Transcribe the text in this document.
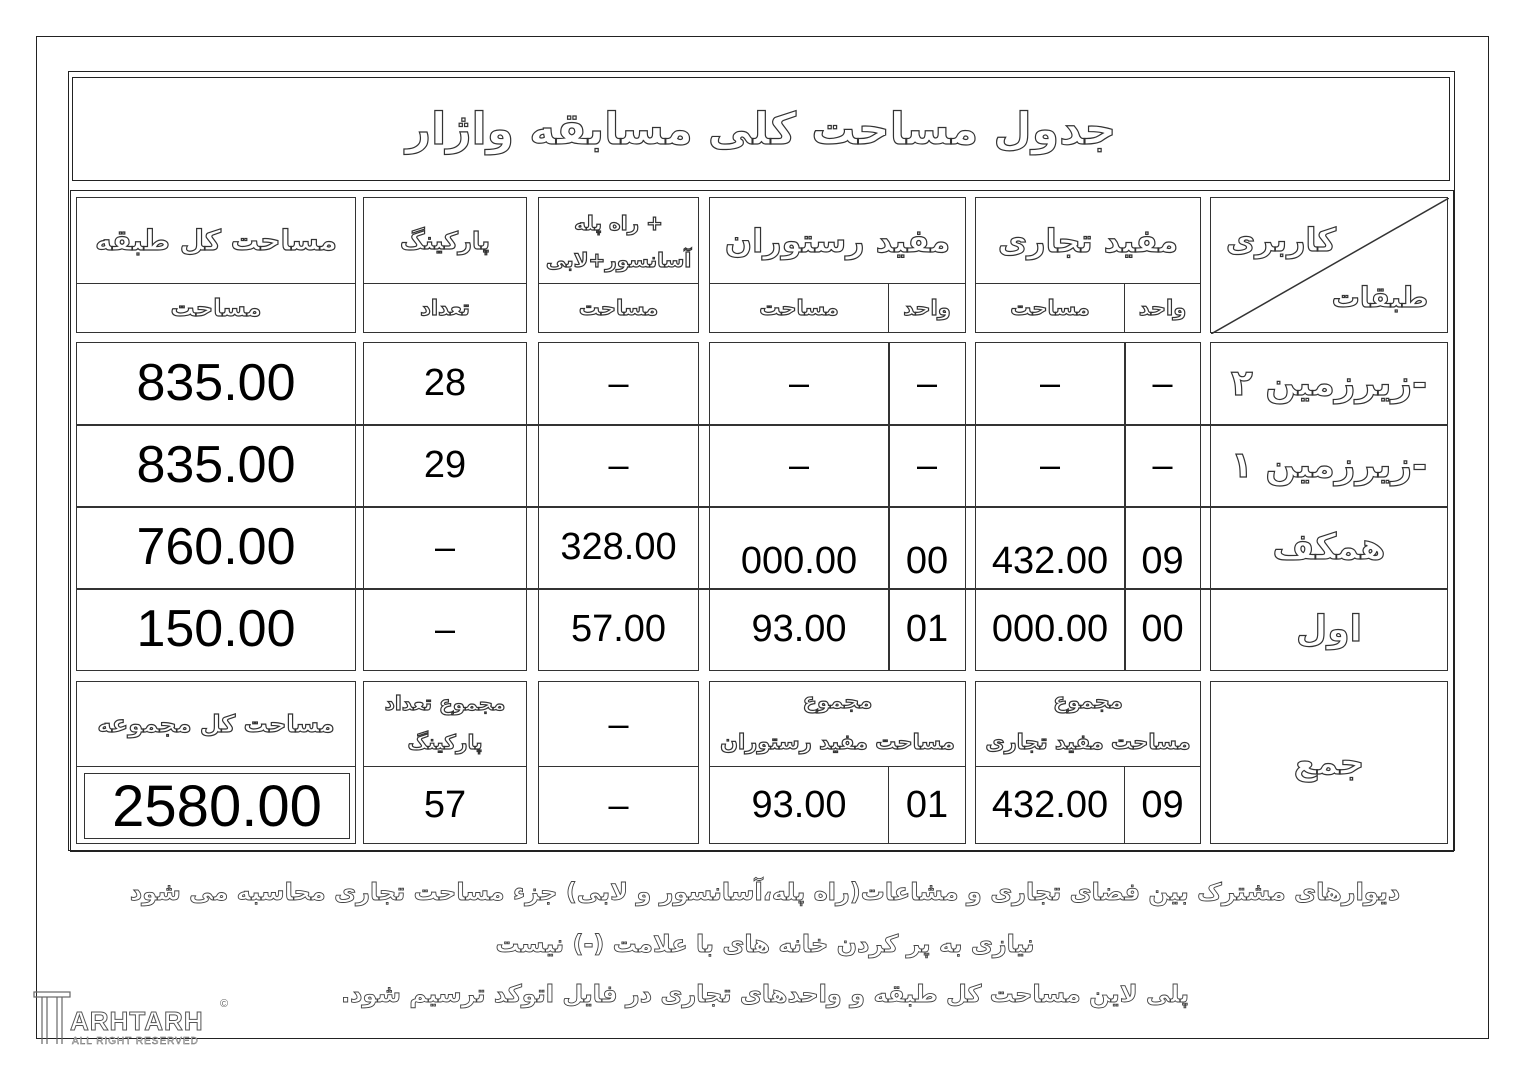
جدول مساحت کلی مسابقه واژار
کاربری
طبقات
مفید تجاری
واحد
مساحت
مفید رستوران
واحد
مساحت
راه پله +
آسانسور+لابی
مساحت
پارکینگ
تعداد
مساحت کل طبقه
مساحت
زیرزمین ۲-
–
–
–
–
–
28
835.00
زیرزمین ۱-
–
–
–
–
–
29
835.00
همکف
09
432.00
00
000.00
328.00
–
760.00
اول
00
000.00
01
93.00
57.00
–
150.00
جمع
مجموع
مساحت مفید تجاری
09
432.00
مجموع
مساحت مفید رستوران
01
93.00
–
–
مجموع تعداد
پارکینگ
57
مساحت کل مجموعه
2580.00
دیوارهای مشترک بین فضای تجاری و مشاعات(راه پله،آسانسور و لابی) جزء مساحت تجاری محاسبه می شود
نیازی به پر کردن خانه های با علامت (-) نیست
پلی لاین مساحت کل طبقه و واحدهای تجاری در فایل اتوکد ترسیم شود.
ARHTARH
©
ALL RIGHT RESERVED
